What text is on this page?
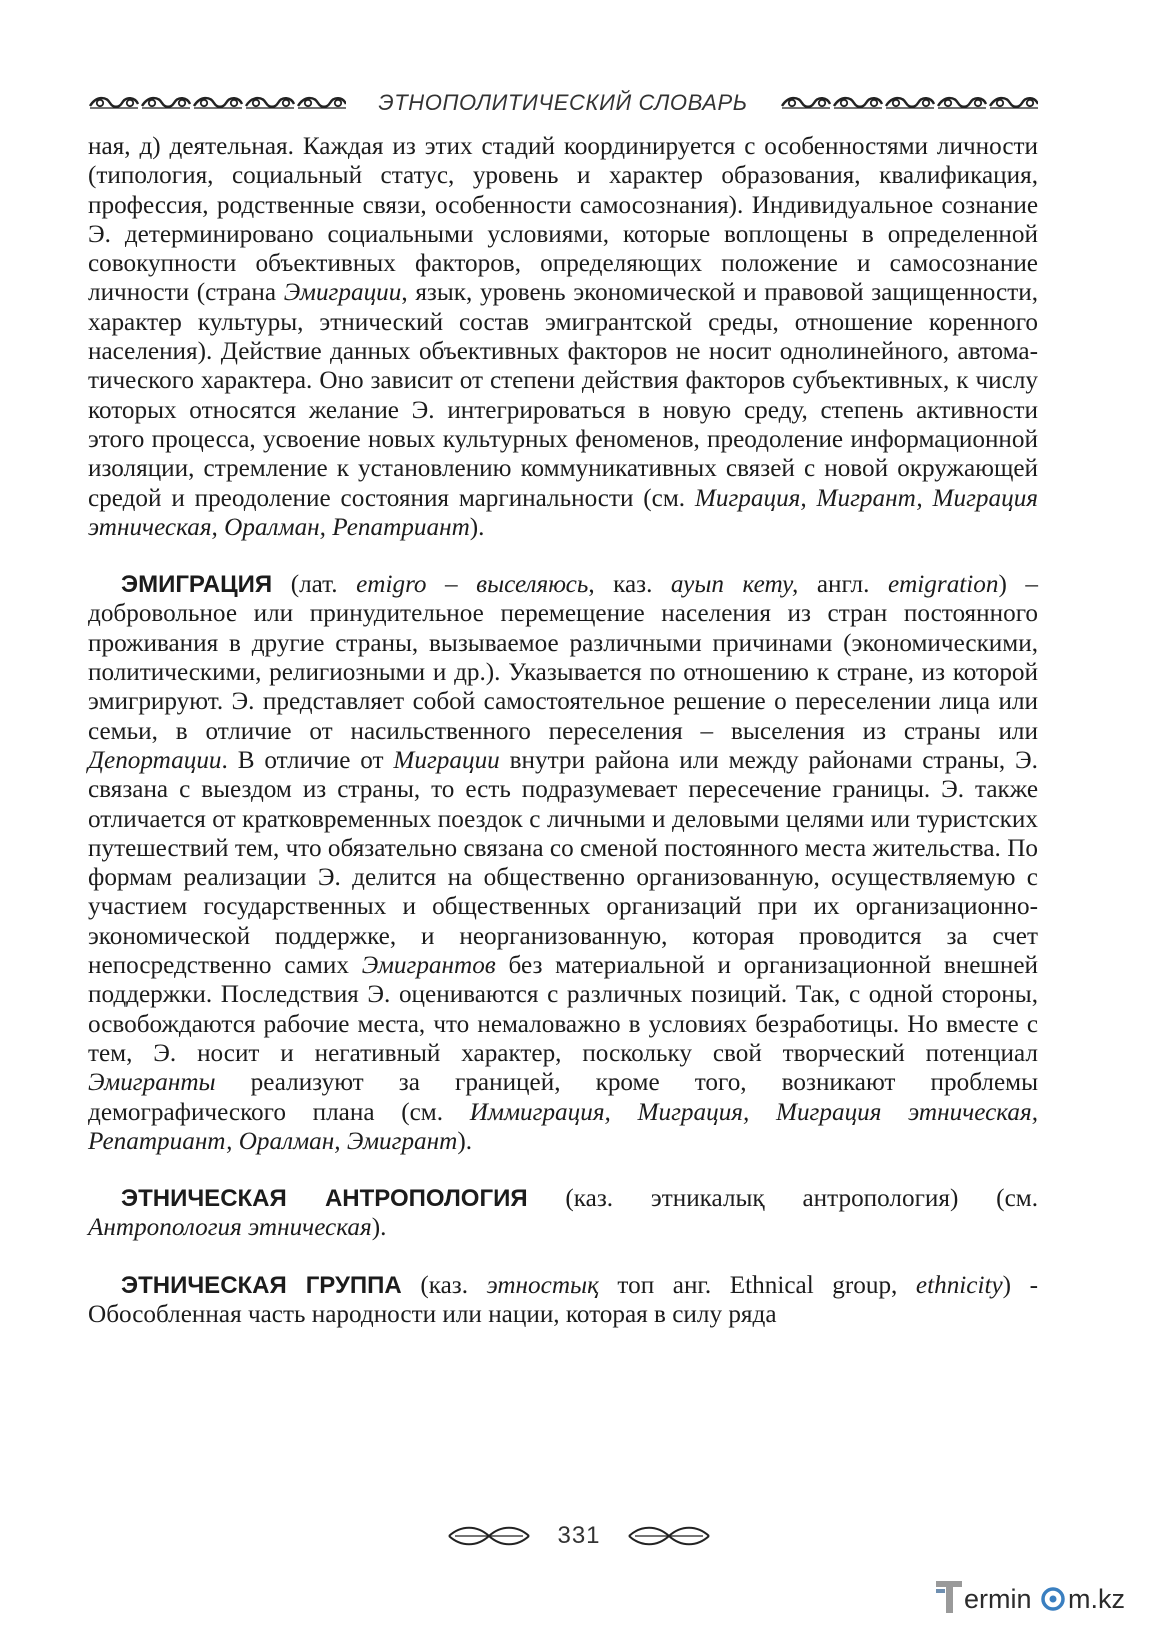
ЭТНОПОЛИТИЧЕСКИЙ СЛОВАРЬ

ная, д) деятельная. Каждая из этих стадий координируется с особенностями личности (типология, социальный статус, уровень и характер образования, квалификация, профессия, родственные связи, особенности самосознания). Индивидуальное сознание Э. детерминировано социальными условиями, которые воплощены в определенной совокупности объективных факторов, определяющих положение и самосознание личности (страна Эмиграции, язык, уровень экономической и правовой защищенности, характер культуры, этнический состав эмигрантской среды, отношение коренного населения). Действие данных объективных факторов не носит однолинейного, автоматического характера. Оно зависит от степени действия факторов субъективных, к числу которых относятся желание Э. интегрироваться в новую среду, степень активности этого процесса, усвоение новых культурных феноменов, преодоление информационной изоляции, стремление к установлению коммуникативных связей с новой окружающей средой и преодоление состояния маргинальности (см. Миграция, Мигрант, Миграция этническая, Оралман, Репатриант).

ЭМИГРАЦИЯ (лат. emigro – выселяюсь, каз. ауып кету, англ. emigration) – добровольное или принудительное перемещение населения из стран постоянного проживания в другие страны, вызываемое различными причинами (экономическими, политическими, религиозными и др.). Указывается по отношению к стране, из которой эмигрируют. Э. представляет собой самостоятельное решение о переселении лица или семьи, в отличие от насильственного переселения – выселения из страны или Депортации. В отличие от Миграции внутри района или между районами страны, Э. связана с выездом из страны, то есть подразумевает пересечение границы. Э. также отличается от кратковременных поездок с личными и деловыми целями или туристских путешествий тем, что обязательно связана со сменой постоянного места жительства. По формам реализации Э. делится на общественно организованную, осуществляемую с участием государственных и общественных организаций при их организационно-экономической поддержке, и неорганизованную, которая проводится за счет непосредственно самих Эмигрантов без материальной и организационной внешней поддержки. Последствия Э. оцениваются с различных позиций. Так, с одной стороны, освобождаются рабочие места, что немаловажно в условиях безработицы. Но вместе с тем, Э. носит и негативный характер, поскольку свой творческий потенциал Эмигранты реализуют за границей, кроме того, возникают проблемы демографического плана (см. Иммиграция, Миграция, Миграция этническая, Репатриант, Оралман, Эмигрант).

ЭТНИЧЕСКАЯ АНТРОПОЛОГИЯ (каз. этникалық антропология) (см. Антропология этническая).

ЭТНИЧЕСКАЯ ГРУППА (каз. этностық топ анг. Ethnical group, ethnicity) - Обособленная часть народности или нации, которая в силу ряда

331
ermin m.kz
